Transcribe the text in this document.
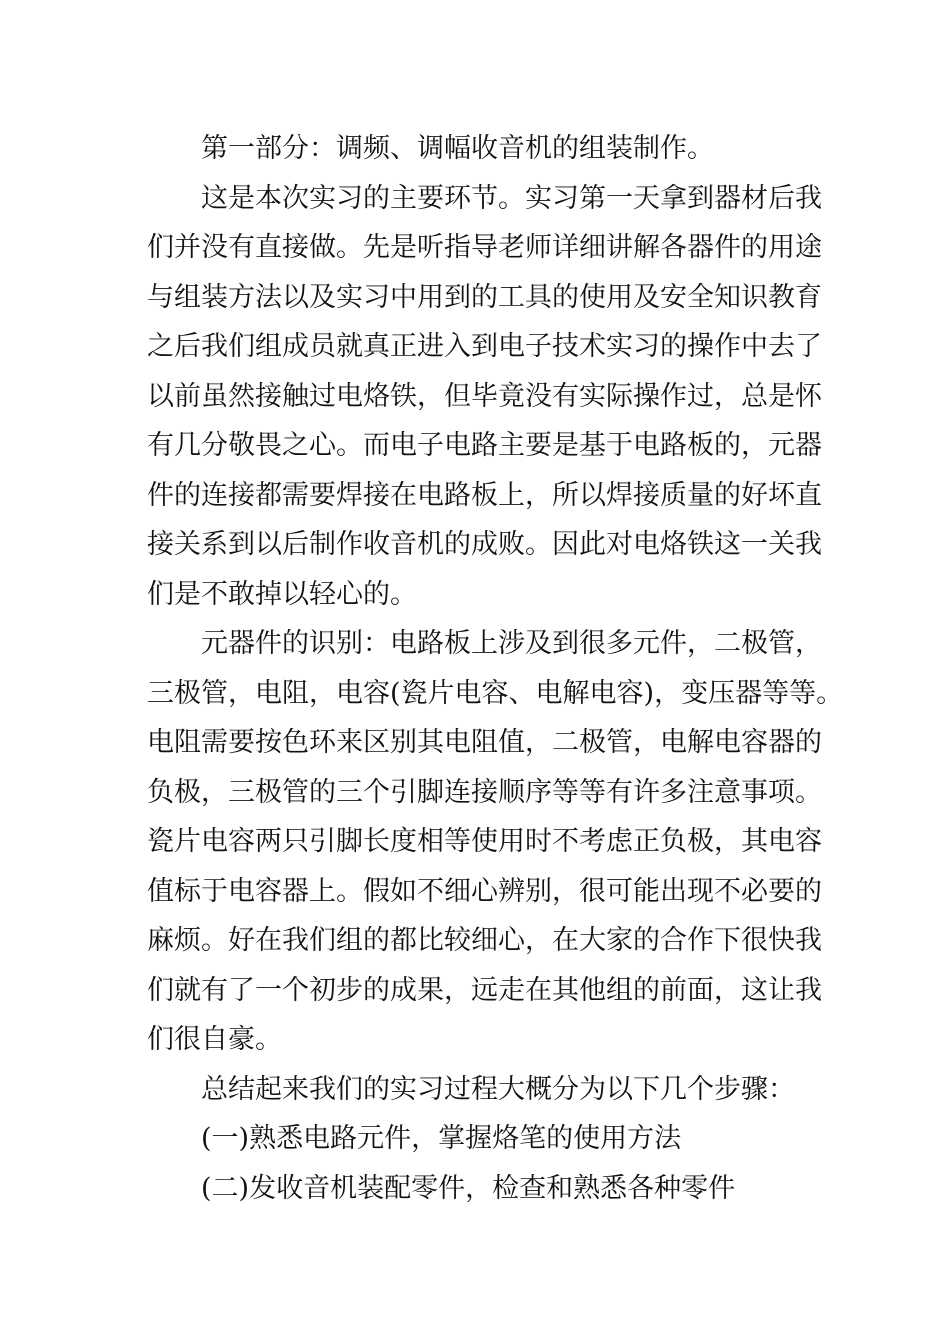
第一部分：调频、调幅收音机的组装制作。
这是本次实习的主要环节。实习第一天拿到器材后我
们并没有直接做。先是听指导老师详细讲解各器件的用途
与组装方法以及实习中用到的工具的使用及安全知识教育
之后我们组成员就真正进入到电子技术实习的操作中去了
以前虽然接触过电烙铁，但毕竟没有实际操作过，总是怀
有几分敬畏之心。而电子电路主要是基于电路板的，元器
件的连接都需要焊接在电路板上，所以焊接质量的好坏直
接关系到以后制作收音机的成败。因此对电烙铁这一关我
们是不敢掉以轻心的。
元器件的识别：电路板上涉及到很多元件，二极管，
三极管，电阻，电容(瓷片电容、电解电容)，变压器等等。
电阻需要按色环来区别其电阻值，二极管，电解电容器的
负极，三极管的三个引脚连接顺序等等有许多注意事项。
瓷片电容两只引脚长度相等使用时不考虑正负极，其电容
值标于电容器上。假如不细心辨别，很可能出现不必要的
麻烦。好在我们组的都比较细心，在大家的合作下很快我
们就有了一个初步的成果，远走在其他组的前面，这让我
们很自豪。
总结起来我们的实习过程大概分为以下几个步骤：
(一)熟悉电路元件，掌握烙笔的使用方法
(二)发收音机装配零件，检查和熟悉各种零件
